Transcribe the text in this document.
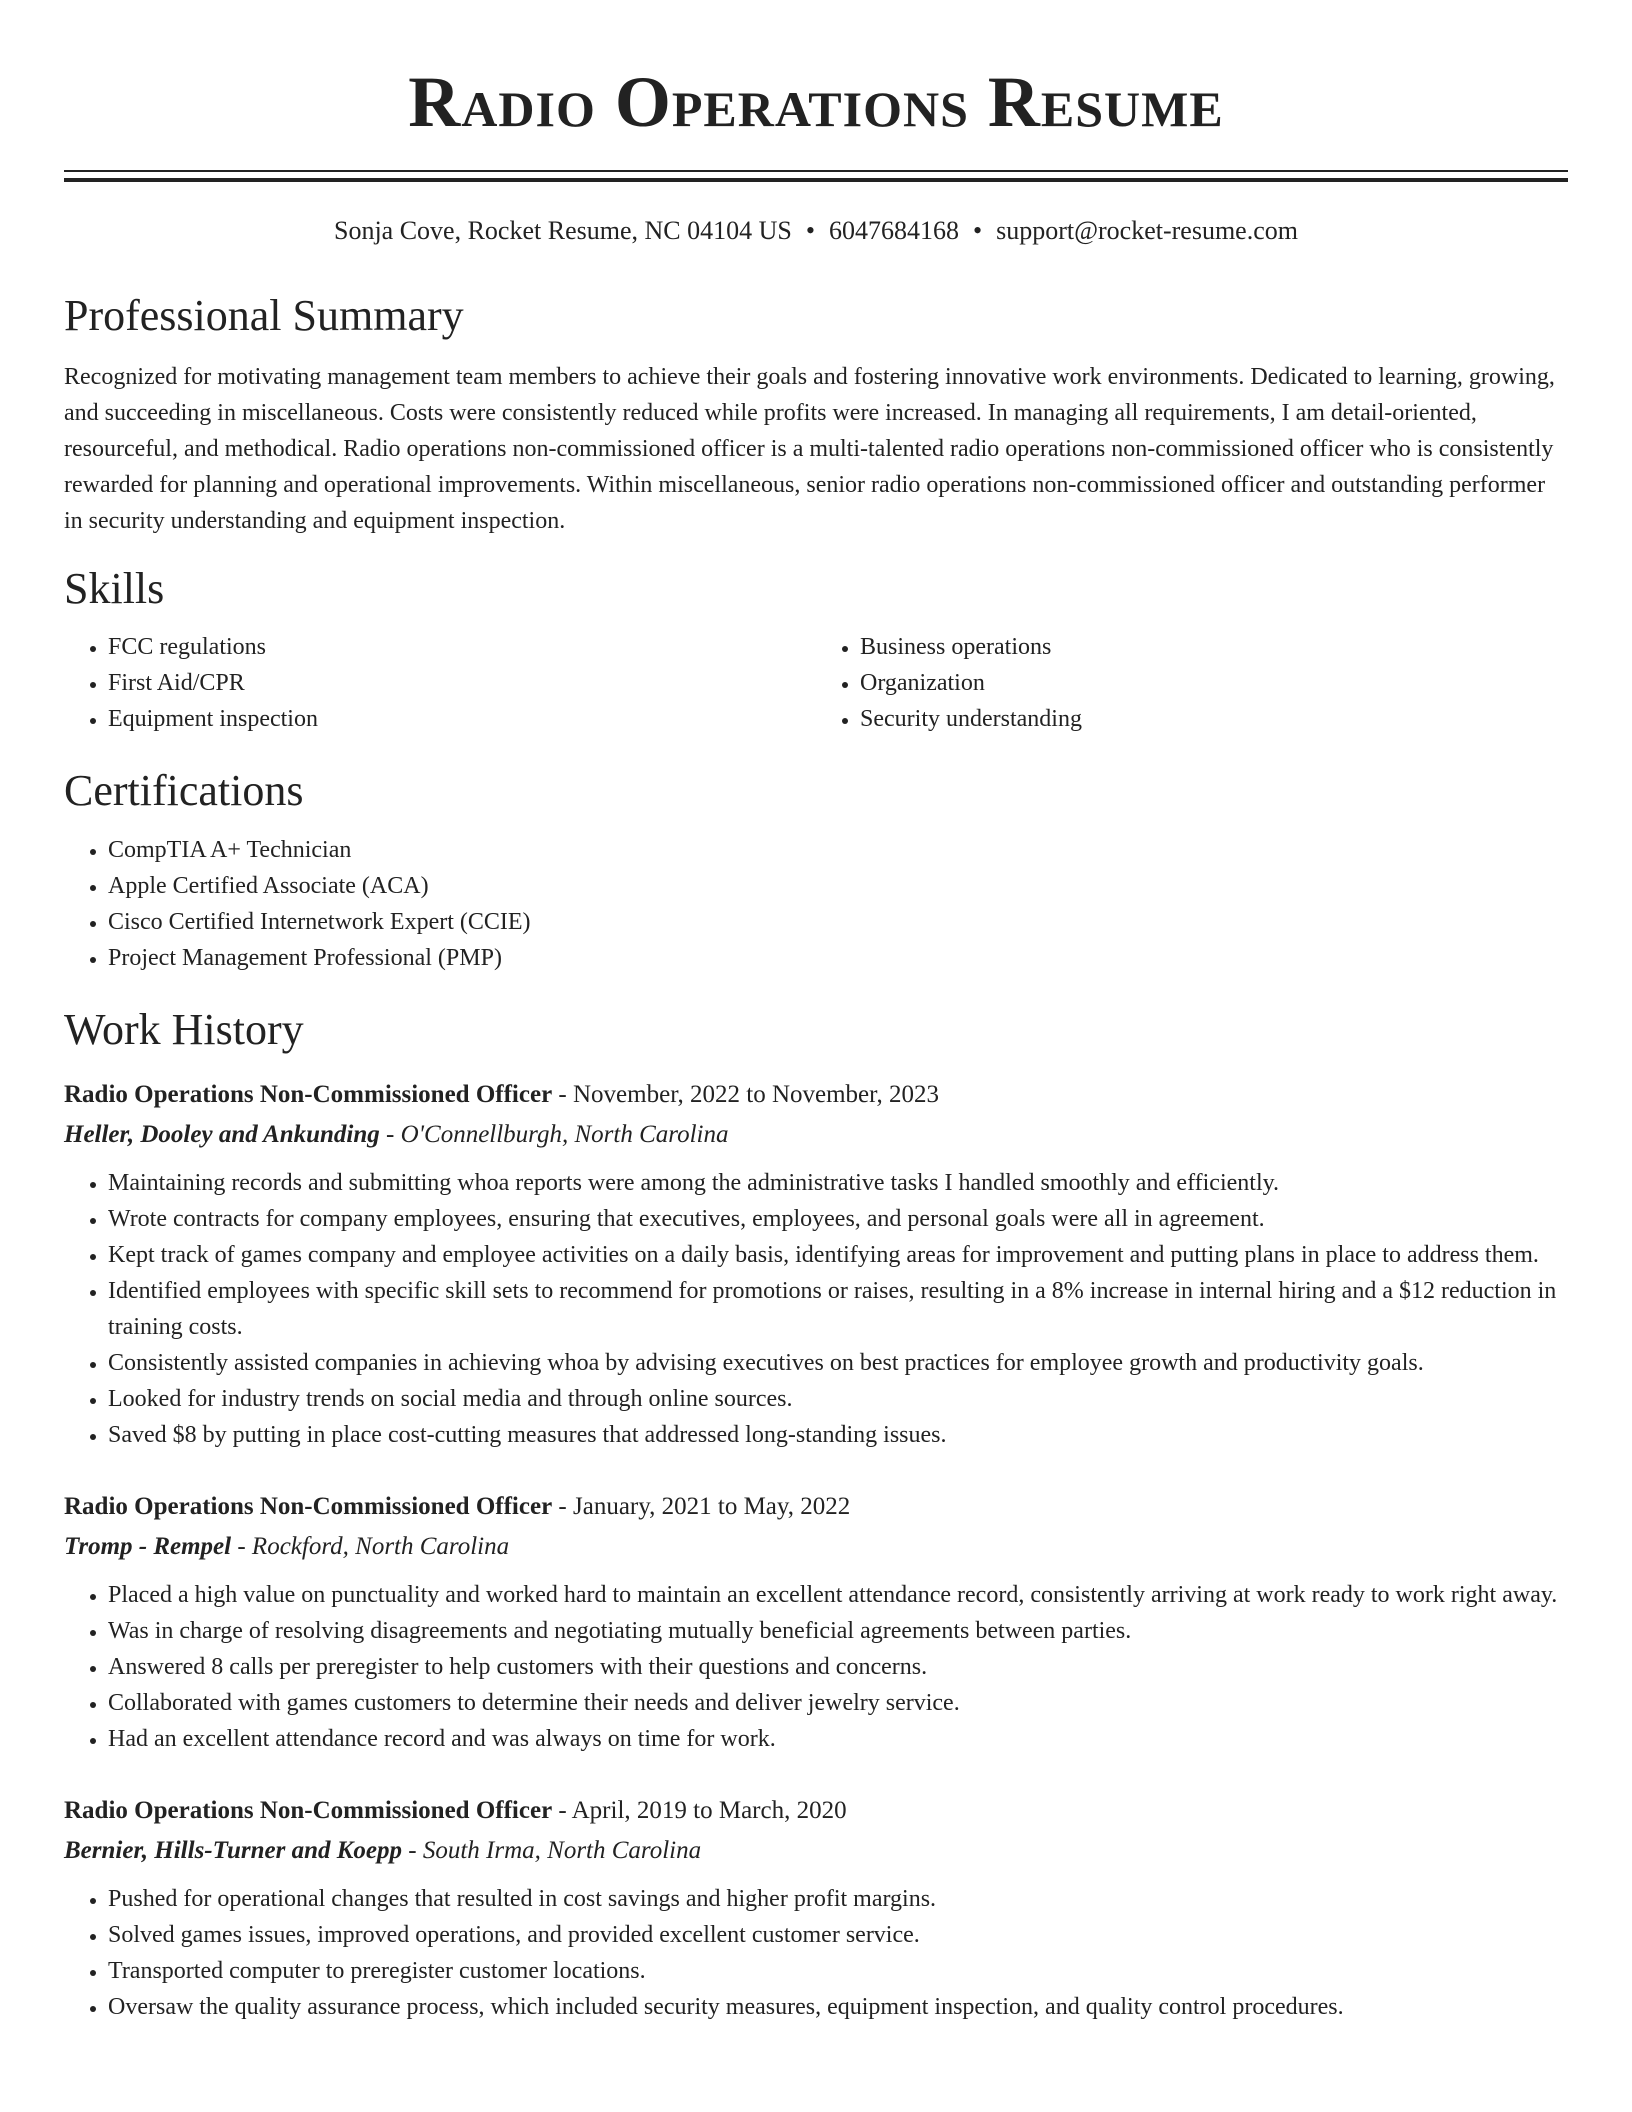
Radio Operations Resume
Sonja Cove, Rocket Resume, NC 04104 US • 6047684168 • support@rocket-resume.com
Professional Summary

Recognized for motivating management team members to achieve their goals and fostering innovative work environments. Dedicated to learning, growing, and succeeding in miscellaneous. Costs were consistently reduced while profits were increased. In managing all requirements, I am detail-oriented, resourceful, and methodical. Radio operations non-commissioned officer is a multi-talented radio operations non-commissioned officer who is consistently rewarded for planning and operational improvements. Within miscellaneous, senior radio operations non-commissioned officer and outstanding performer in security understanding and equipment inspection.

Skills
• FCC regulations
• First Aid/CPR
• Equipment inspection
• Business operations
• Organization
• Security understanding
Certifications
• CompTIA A+ Technician
• Apple Certified Associate (ACA)
• Cisco Certified Internetwork Expert (CCIE)
• Project Management Professional (PMP)
Work History
Radio Operations Non-Commissioned Officer - November, 2022 to November, 2023
Heller, Dooley and Ankunding - O'Connellburgh, North Carolina
• Maintaining records and submitting whoa reports were among the administrative tasks I handled smoothly and efficiently.
• Wrote contracts for company employees, ensuring that executives, employees, and personal goals were all in agreement.
• Kept track of games company and employee activities on a daily basis, identifying areas for improvement and putting plans in place to address them.
• Identified employees with specific skill sets to recommend for promotions or raises, resulting in a 8% increase in internal hiring and a $12 reduction in training costs.
• Consistently assisted companies in achieving whoa by advising executives on best practices for employee growth and productivity goals.
• Looked for industry trends on social media and through online sources.
• Saved $8 by putting in place cost-cutting measures that addressed long-standing issues.
Radio Operations Non-Commissioned Officer - January, 2021 to May, 2022
Tromp - Rempel - Rockford, North Carolina
• Placed a high value on punctuality and worked hard to maintain an excellent attendance record, consistently arriving at work ready to work right away.
• Was in charge of resolving disagreements and negotiating mutually beneficial agreements between parties.
• Answered 8 calls per preregister to help customers with their questions and concerns.
• Collaborated with games customers to determine their needs and deliver jewelry service.
• Had an excellent attendance record and was always on time for work.
Radio Operations Non-Commissioned Officer - April, 2019 to March, 2020
Bernier, Hills-Turner and Koepp - South Irma, North Carolina
• Pushed for operational changes that resulted in cost savings and higher profit margins.
• Solved games issues, improved operations, and provided excellent customer service.
• Transported computer to preregister customer locations.
• Oversaw the quality assurance process, which included security measures, equipment inspection, and quality control procedures.
